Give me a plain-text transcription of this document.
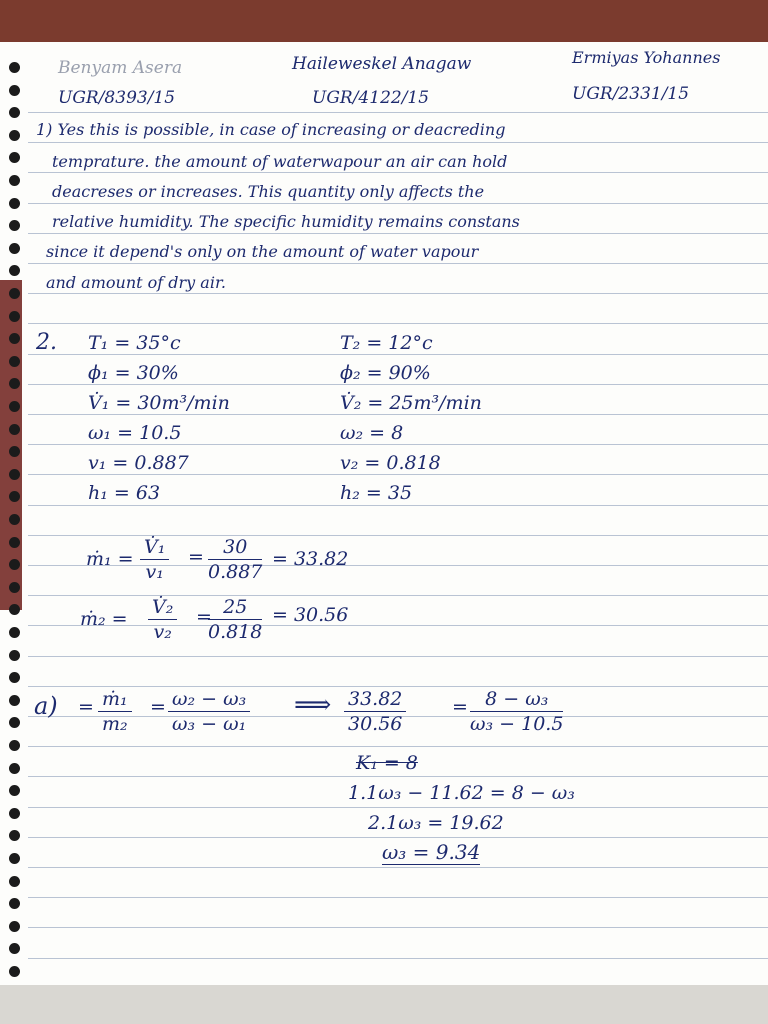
Benyam Asera
UGR/8393/15
Haileweskel Anagaw
UGR/4122/15
Ermiyas Yohannes
UGR/2331/15
1) Yes this is possible, in case of increasing or deacreding
temprature. the amount of waterwapour an air can hold
deacreses or increases. This quantity only affects the
relative humidity. The specific humidity remains constans
since it depend's only on the amount of water vapour
and amount of dry air.
2. T₁ = 35°c
ϕ₁ = 30%
V̇₁ = 30m³/min
ω₁ = 10.5
v₁ = 0.887
h₁ = 63
T₂ = 12°c
ϕ₂ = 90%
V̇₂ = 25m³/min
ω₂ = 8
v₂ = 0.818
h₂ = 35
ṁ₁ = $\frac{\text{V̇₁}}{\text{v₁}} = \frac{30}{0.887} = 33.82$
ṁ₂ = $\frac{\text{V̇₂}}{\text{v₂}}$ =
$\frac{25}{0.818} = 30.56$
$a) = \frac{\text{ṁ₁}}{\text{m₂}} = \frac{\text{ω₂ − ω₃}}{\text{ω₃ − ω₁}}$ ⟹ $\frac{33.82}{30.56} = \frac{\text{8 − ω₃}}{\text{ω₃ − 10.5}}$
K₁ = 8
1.1ω₃ − 11.62 = 8 − ω₃
2.1ω₃ = 19.62
ω₃ = 9.34
